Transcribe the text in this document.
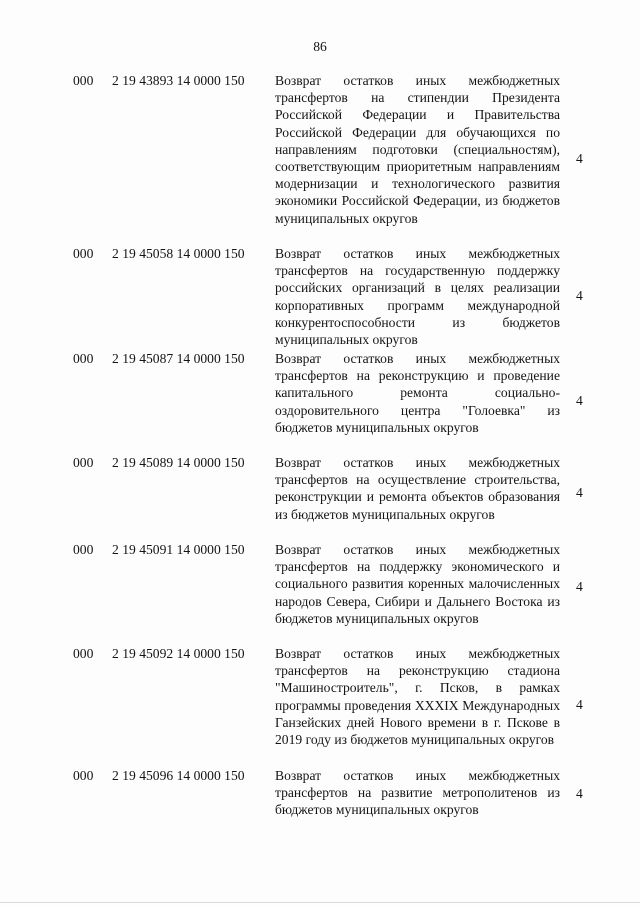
86
000 2 19 43893 14 0000 150 Возврат остатков иных межбюджетных трансфертов на стипендии Президента Российской Федерации и Правительства Российской Федерации для обучающихся по направлениям подготовки (специальностям), соответствующим приоритетным направлениям модернизации и технологического развития экономики Российской Федерации, из бюджетов муниципальных округов
4
000 2 19 45058 14 0000 150 Возврат остатков иных межбюджетных трансфертов на государственную поддержку российских организаций в целях реализации корпоративных программ международной конкурентоспособности из бюджетов муниципальных округов
4
000 2 19 45087 14 0000 150 Возврат остатков иных межбюджетных трансфертов на реконструкцию и проведение капитального ремонта социально-оздоровительного центра "Голоевка" из бюджетов муниципальных округов
4
000 2 19 45089 14 0000 150 Возврат остатков иных межбюджетных трансфертов на осуществление строительства, реконструкции и ремонта объектов образования из бюджетов муниципальных округов
4
000 2 19 45091 14 0000 150 Возврат остатков иных межбюджетных трансфертов на поддержку экономического и социального развития коренных малочисленных народов Севера, Сибири и Дальнего Востока из бюджетов муниципальных округов
4
000 2 19 45092 14 0000 150 Возврат остатков иных межбюджетных трансфертов на реконструкцию стадиона "Машиностроитель", г. Псков, в рамках программы проведения XXXIX Международных Ганзейских дней Нового времени в г. Пскове в 2019 году из бюджетов муниципальных округов
4
000 2 19 45096 14 0000 150 Возврат остатков иных межбюджетных трансфертов на развитие метрополитенов из бюджетов муниципальных округов
4
